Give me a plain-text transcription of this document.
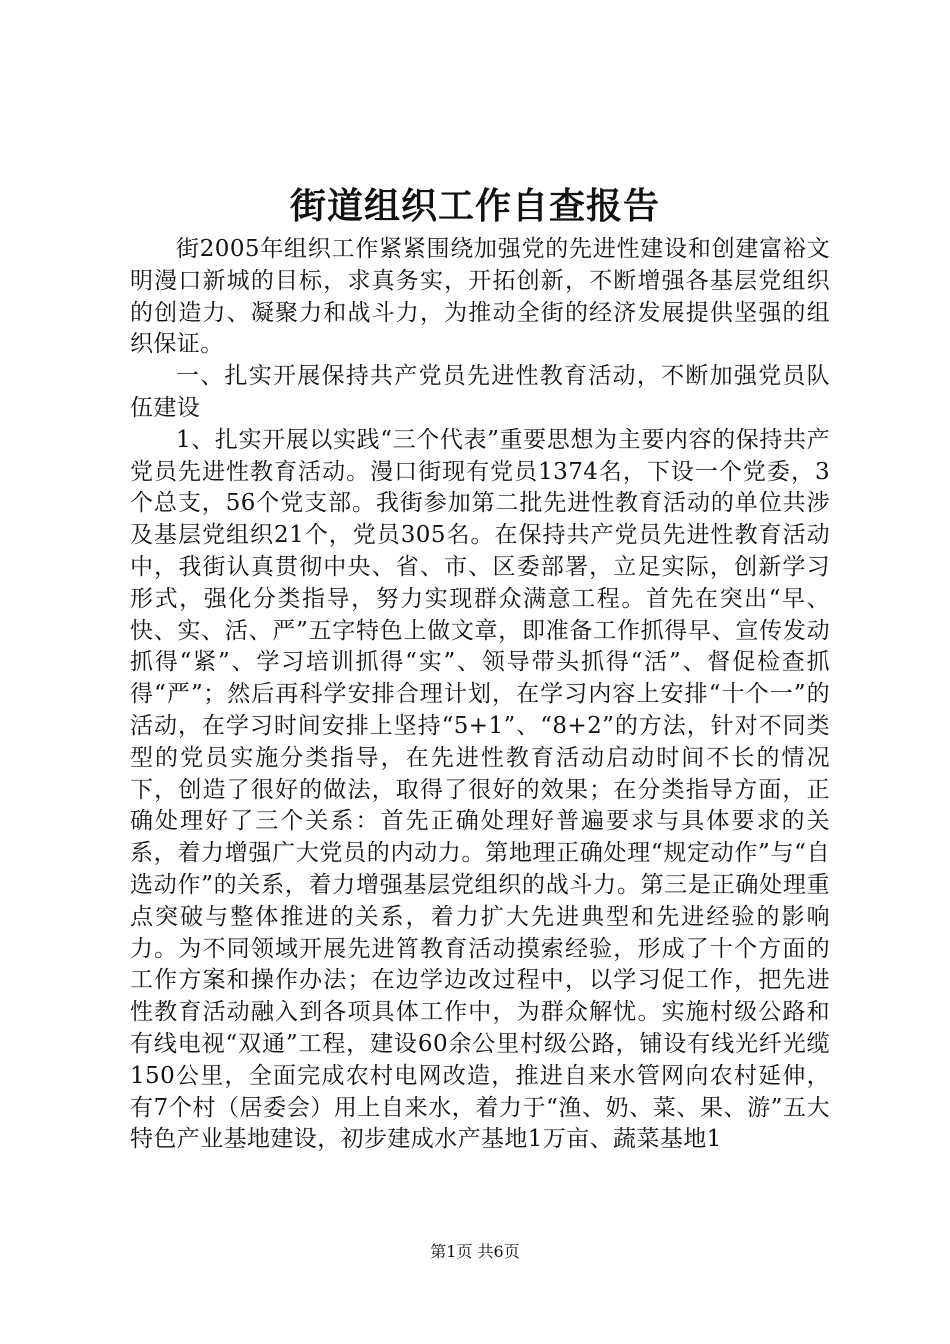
街道组织工作自查报告

街2005年组织工作紧紧围绕加强党的先进性建设和创建富裕文明漫口新城的目标，求真务实，开拓创新，不断增强各基层党组织的创造力、凝聚力和战斗力，为推动全街的经济发展提供坚强的组织保证。

一、扎实开展保持共产党员先进性教育活动，不断加强党员队伍建设

1、扎实开展以实践“三个代表”重要思想为主要内容的保持共产党员先进性教育活动。漫口街现有党员1374名，下设一个党委，3个总支，56个党支部。我街参加第二批先进性教育活动的单位共涉及基层党组织21个，党员305名。在保持共产党员先进性教育活动中，我街认真贯彻中央、省、市、区委部署，立足实际，创新学习形式，强化分类指导，努力实现群众满意工程。首先在突出“早、快、实、活、严”五字特色上做文章，即准备工作抓得早、宣传发动抓得“紧”、学习培训抓得“实”、领导带头抓得“活”、督促检查抓得“严”；然后再科学安排合理计划，在学习内容上安排“十个一”的活动，在学习时间安排上坚持“5+1”、“8+2”的方法，针对不同类型的党员实施分类指导，在先进性教育活动启动时间不长的情况下，创造了很好的做法，取得了很好的效果；在分类指导方面，正确处理好了三个关系：首先正确处理好普遍要求与具体要求的关系，着力增强广大党员的内动力。第地理正确处理“规定动作”与“自选动作”的关系，着力增强基层党组织的战斗力。第三是正确处理重点突破与整体推进的关系，着力扩大先进典型和先进经验的影响力。为不同领域开展先进筲教育活动摸索经验，形成了十个方面的工作方案和操作办法；在边学边改过程中，以学习促工作，把先进性教育活动融入到各项具体工作中，为群众解忧。实施村级公路和有线电视“双通”工程，建设60余公里村级公路，铺设有线光纤光缆150公里，全面完成农村电网改造，推进自来水管网向农村延伸，有7个村（居委会）用上自来水，着力于“渔、奶、菜、果、游”五大特色产业基地建设，初步建成水产基地1万亩、蔬菜基地1

第1页 共6页
